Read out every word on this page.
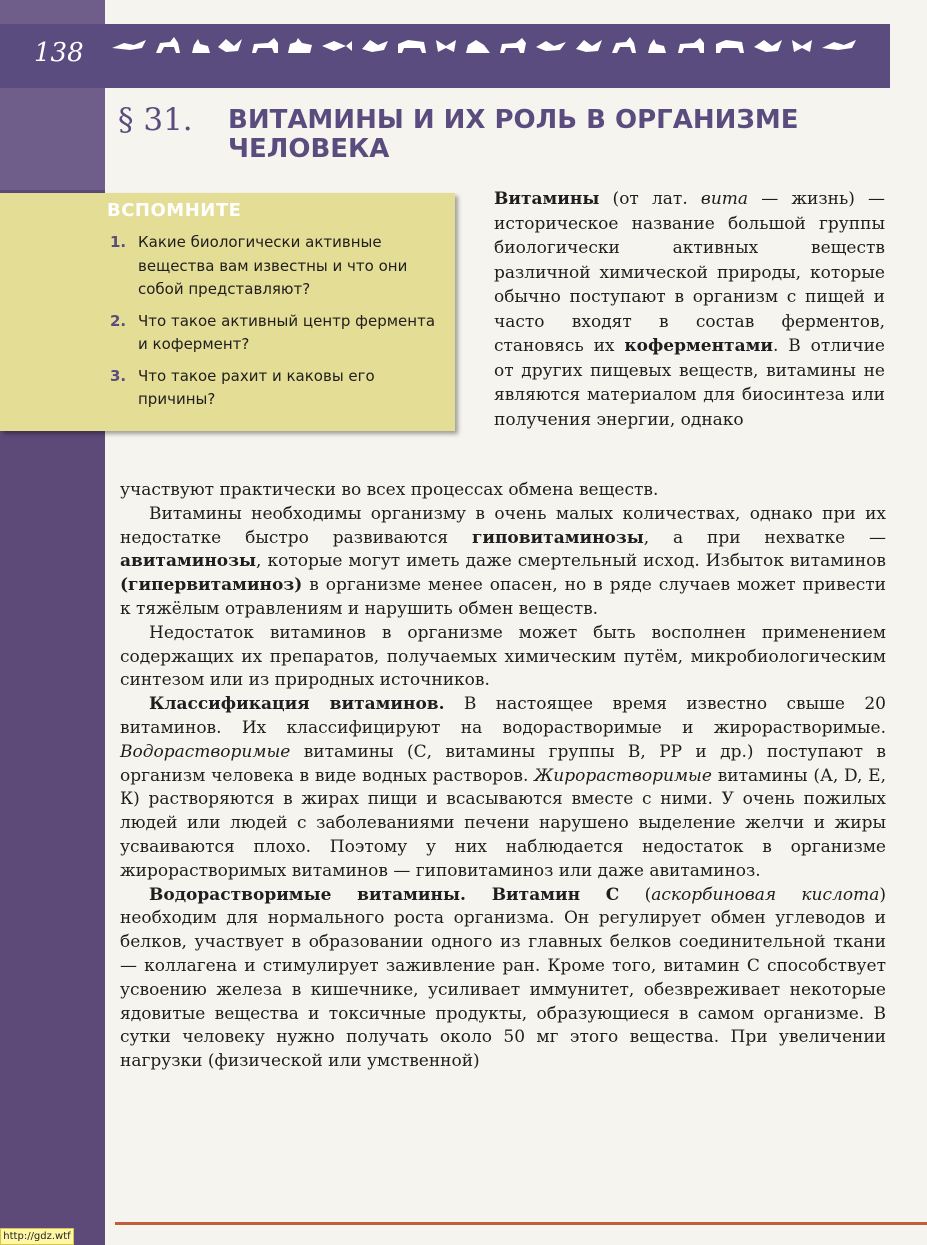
138
§ 31. ВИТАМИНЫ И ИХ РОЛЬ В ОРГАНИЗМЕ ЧЕЛОВЕКА
ВСПОМНИТЕ
1. Какие биологически активные вещества вам известны и что они собой представляют?
2. Что такое активный центр фермента и кофермент?
3. Что такое рахит и каковы его причины?

Витамины (от лат. вита — жизнь) — историческое название большой группы биологически активных веществ различной химической природы, которые обычно поступают в организм с пищей и часто входят в состав ферментов, становясь их коферментами. В отличие от других пищевых веществ, витамины не являются материалом для биосинтеза или получения энергии, однако

участвуют практически во всех процессах обмена веществ.

Витамины необходимы организму в очень малых количествах, однако при их недостатке быстро развиваются гиповитаминозы, а при нехватке — авитаминозы, которые могут иметь даже смертельный исход. Избыток витаминов (гипервитаминоз) в организме менее опасен, но в ряде случаев может привести к тяжёлым отравлениям и нарушить обмен веществ.

Недостаток витаминов в организме может быть восполнен применением содержащих их препаратов, получаемых химическим путём, микробиологическим синтезом или из природных источников.

Классификация витаминов. В настоящее время известно свыше 20 витаминов. Их классифицируют на водорастворимые и жирорастворимые. Водорастворимые витамины (С, витамины группы В, РР и др.) поступают в организм человека в виде водных растворов. Жирорастворимые витамины (А, D, Е, К) растворяются в жирах пищи и всасываются вместе с ними. У очень пожилых людей или людей с заболеваниями печени нарушено выделение желчи и жиры усваиваются плохо. Поэтому у них наблюдается недостаток в организме жирорастворимых витаминов — гиповитаминоз или даже авитаминоз.

Водорастворимые витамины. Витамин С (аскорбиновая кислота) необходим для нормального роста организма. Он регулирует обмен углеводов и белков, участвует в образовании одного из главных белков соединительной ткани — коллагена и стимулирует заживление ран. Кроме того, витамин С способствует усвоению железа в кишечнике, усиливает иммунитет, обезвреживает некоторые ядовитые вещества и токсичные продукты, образующиеся в самом организме. В сутки человеку нужно получать около 50 мг этого вещества. При увеличении нагрузки (физической или умственной)

http://gdz.wtf
